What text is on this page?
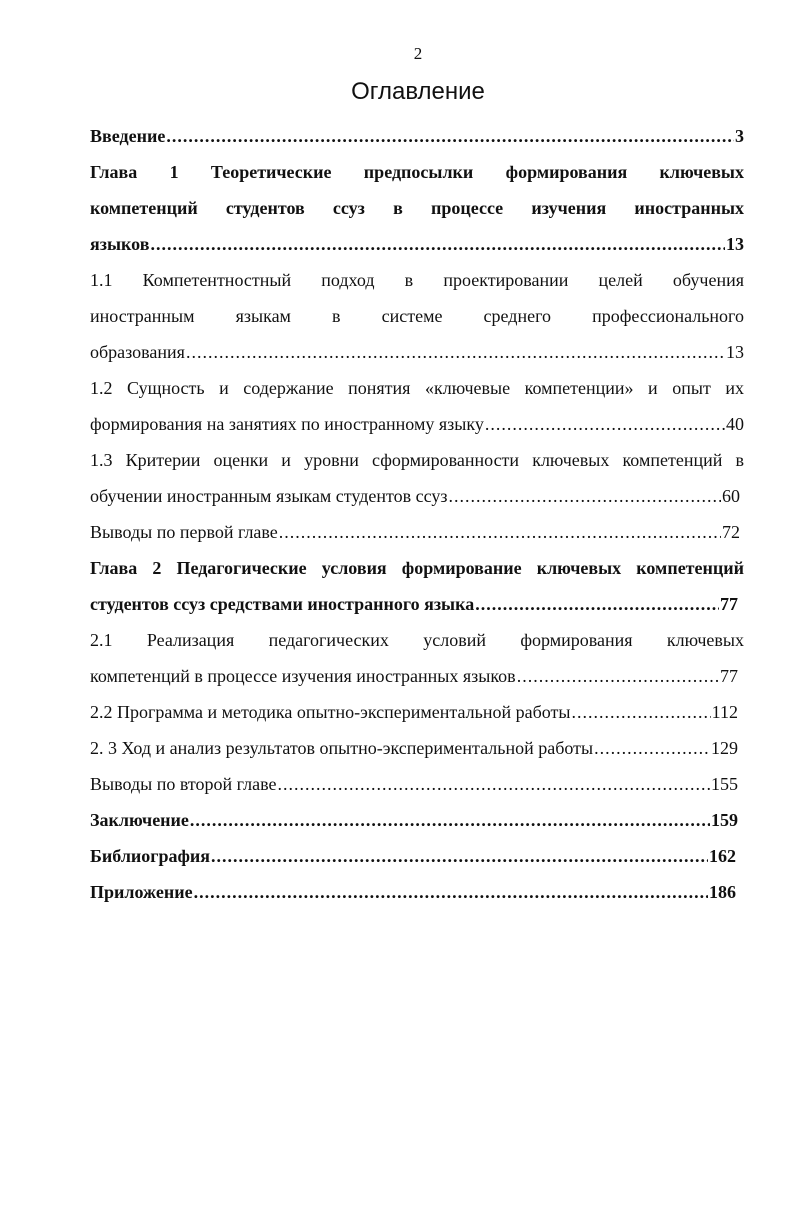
2
Оглавление
Введение .....	3
Глава 1 Теоретические предпосылки формирования ключевых
компетенций студентов ссуз в процессе изучения иностранных
языков .....	13
1.1 Компетентностный подход в проектировании целей обучения
иностранным языкам в системе среднего профессионального
образования .....	13
1.2 Сущность и содержание понятия «ключевые компетенции» и опыт их
формирования на занятиях по иностранному языку .....	40
1.3 Критерии оценки и уровни сформированности ключевых компетенций в
обучении иностранным языкам студентов ссуз .....	60
Выводы по первой главе .....	72
Глава 2 Педагогические условия формирование ключевых компетенций
студентов ссуз средствами иностранного языка .....	77
2.1 Реализация педагогических условий формирования ключевых
компетенций в процессе изучения иностранных языков .....	77
2.2 Программа и методика опытно-экспериментальной работы .....	112
2. 3 Ход и анализ результатов опытно-экспериментальной работы .....	129
Выводы по второй главе .....	155
Заключение .....	159
Библиография .....	162
Приложение .....	186
